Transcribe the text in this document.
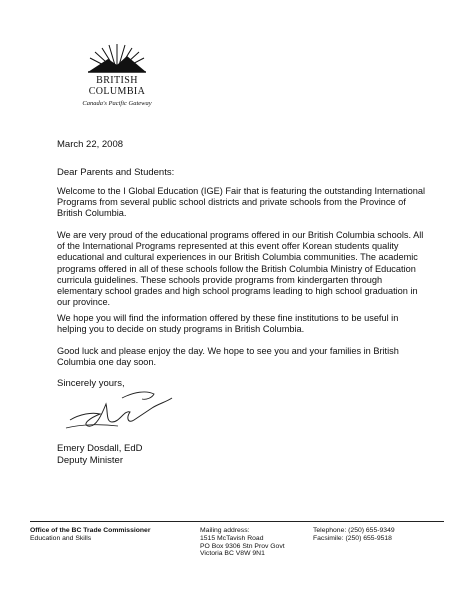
BRITISH
COLUMBIA
Canada's Pacific Gateway
March 22, 2008
Dear Parents and Students:
Welcome to the I Global Education (IGE) Fair that is featuring the outstanding International Programs from several public school districts and private schools from the Province of British Columbia.
We are very proud of the educational programs offered in our British Columbia schools. All of the International Programs represented at this event offer Korean students quality educational and cultural experiences in our British Columbia communities. The academic programs offered in all of these schools follow the British Columbia Ministry of Education curricula guidelines. These schools provide programs from kindergarten through elementary school grades and high school programs leading to high school graduation in our province.
We hope you will find the information offered by these fine institutions to be useful in helping you to decide on study programs in British Columbia.
Good luck and please enjoy the day. We hope to see you and your families in British Columbia one day soon.
Sincerely yours,
Emery Dosdall, EdD
Deputy Minister
Office of the BC Trade Commissioner
Education and Skills
Mailing address:
1515 McTavish Road
PO Box 9306 Stn Prov Govt
Victoria BC V8W 9N1
Telephone: (250) 655-9349
Facsimile: (250) 655-9518
